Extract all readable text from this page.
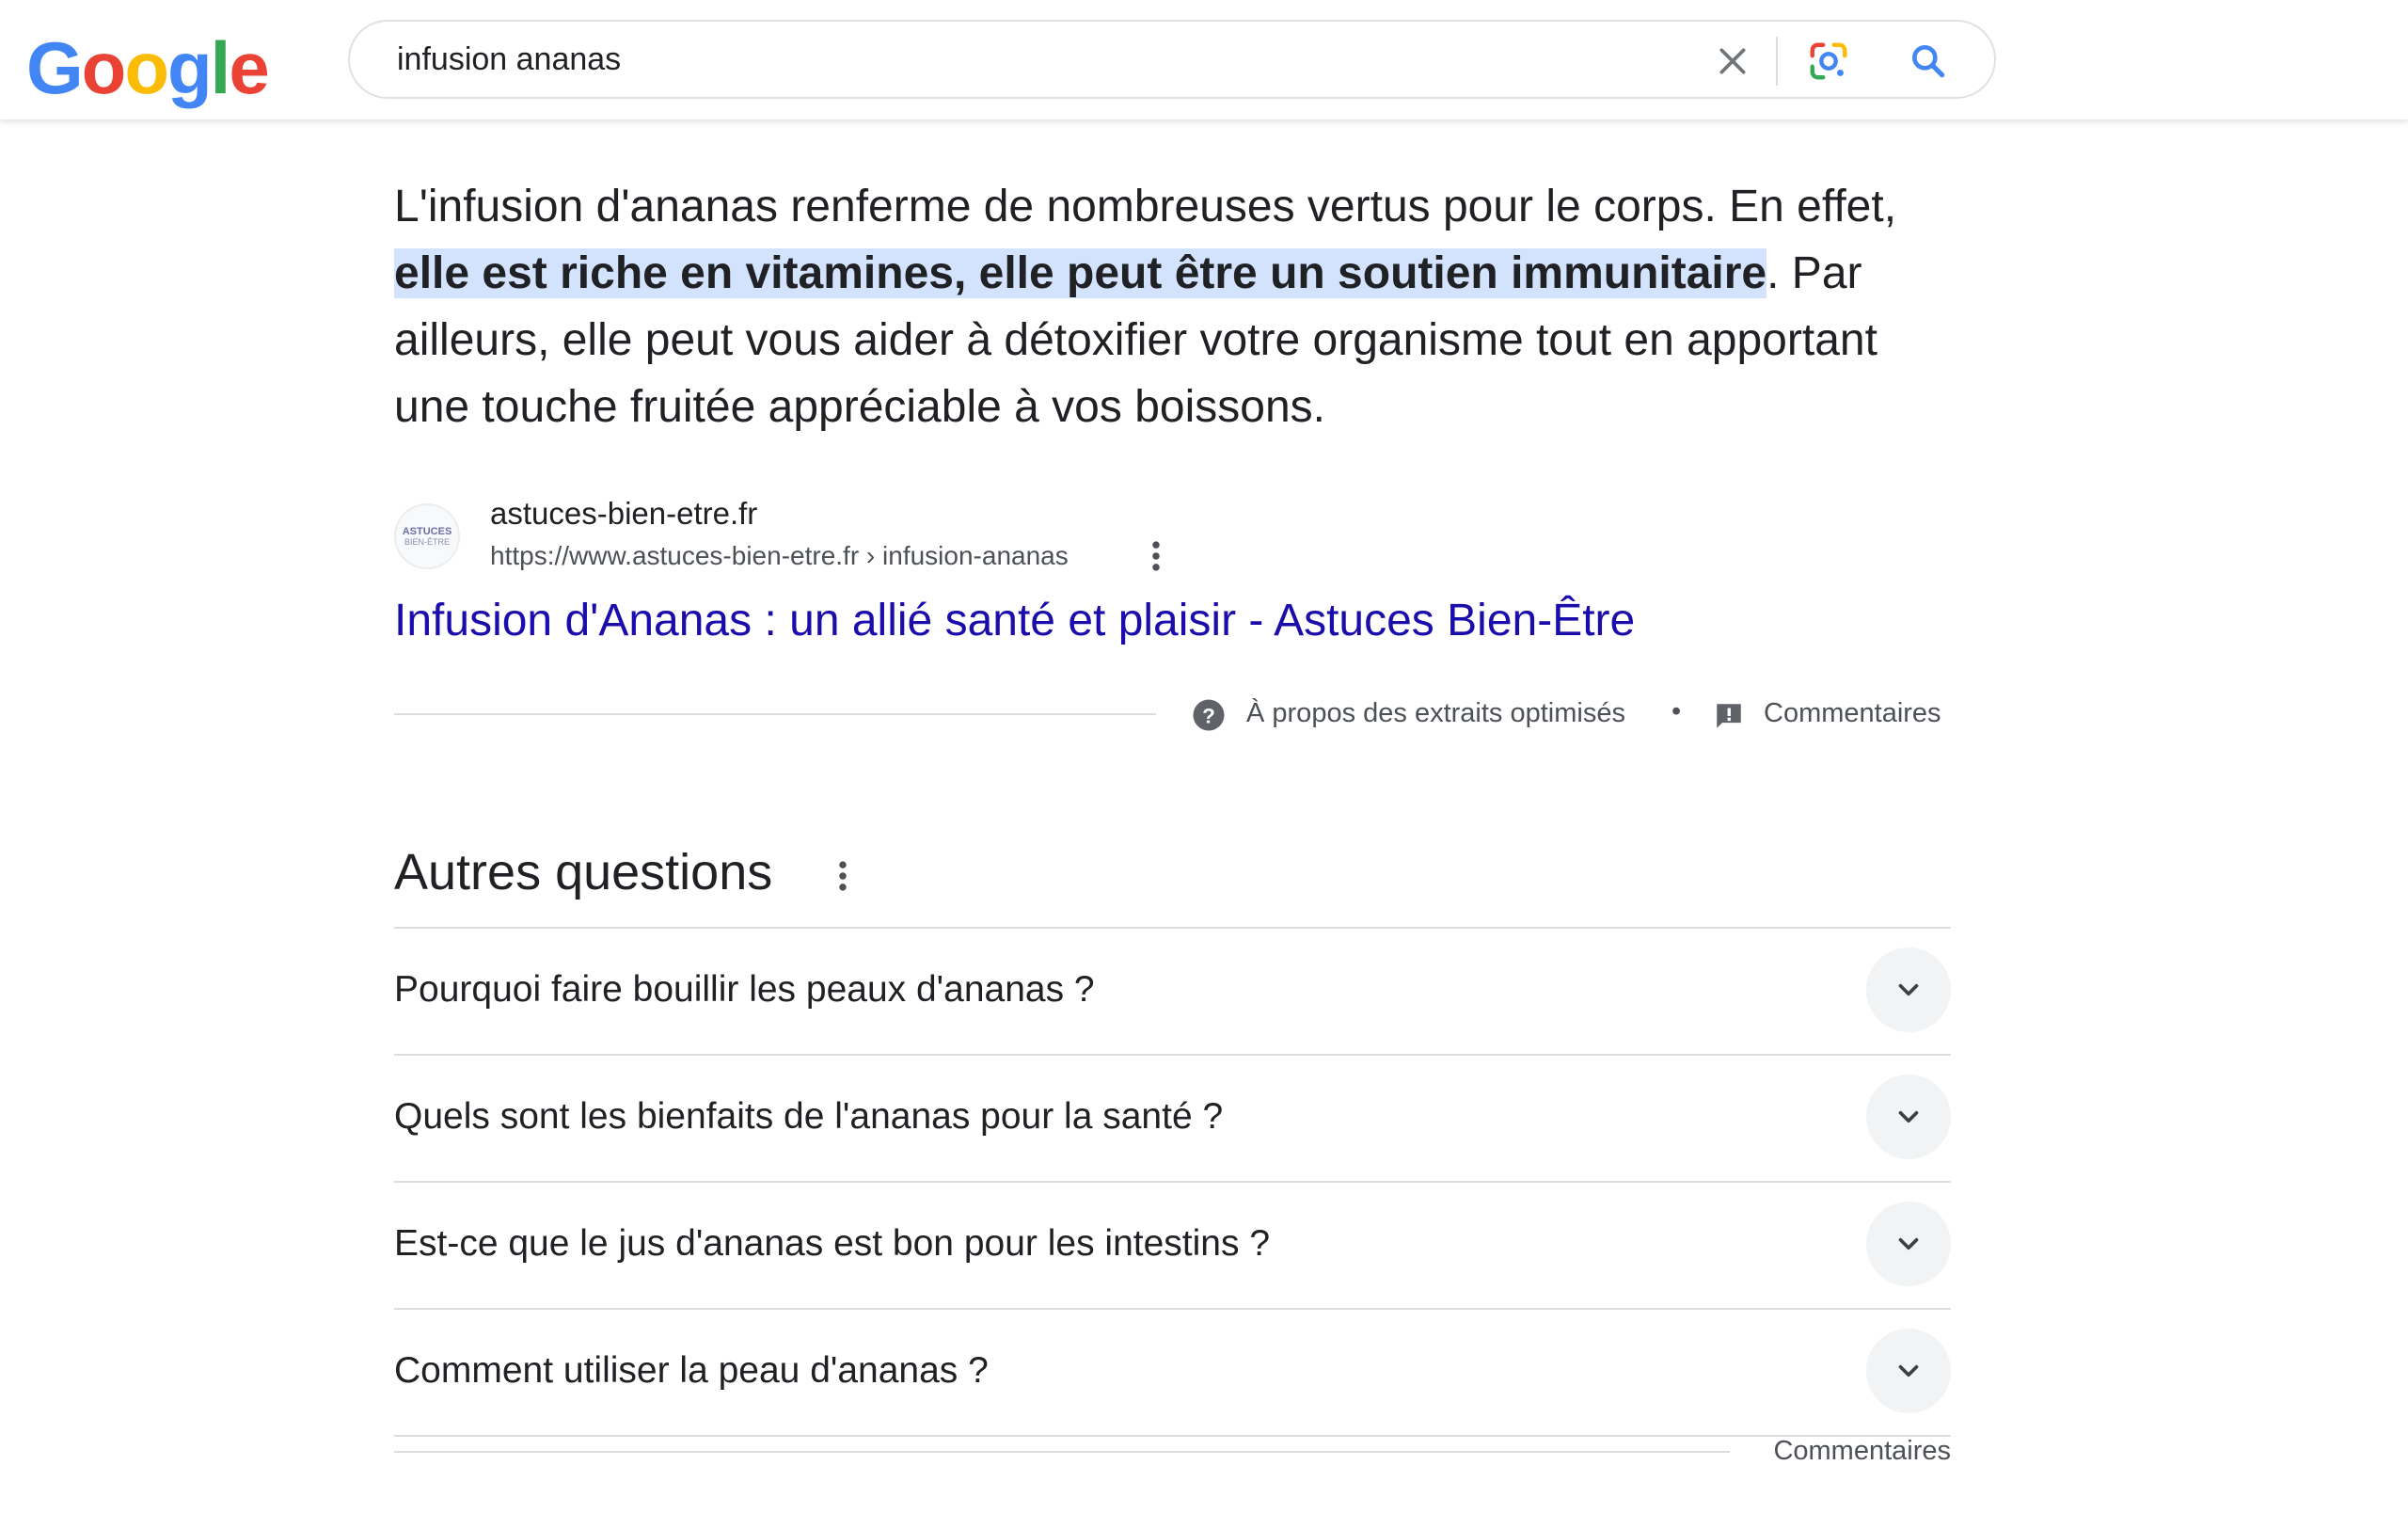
Google
infusion ananas

L'infusion d'ananas renferme de nombreuses vertus pour le corps. En effet, elle est riche en vitamines, elle peut être un soutien immunitaire. Par ailleurs, elle peut vous aider à détoxifier votre organisme tout en apportant une touche fruitée appréciable à vos boissons.

ASTUCES
BIEN-ÊTRE
astuces-bien-etre.fr
https://www.astuces-bien-etre.fr › infusion-ananas
Infusion d'Ananas : un allié santé et plaisir - Astuces Bien-Être
? À propos des extraits optimisés •	Commentaires
Autres questions
Pourquoi faire bouillir les peaux d'ananas ?
Quels sont les bienfaits de l'ananas pour la santé ?
Est-ce que le jus d'ananas est bon pour les intestins ?
Comment utiliser la peau d'ananas ?
Commentaires
